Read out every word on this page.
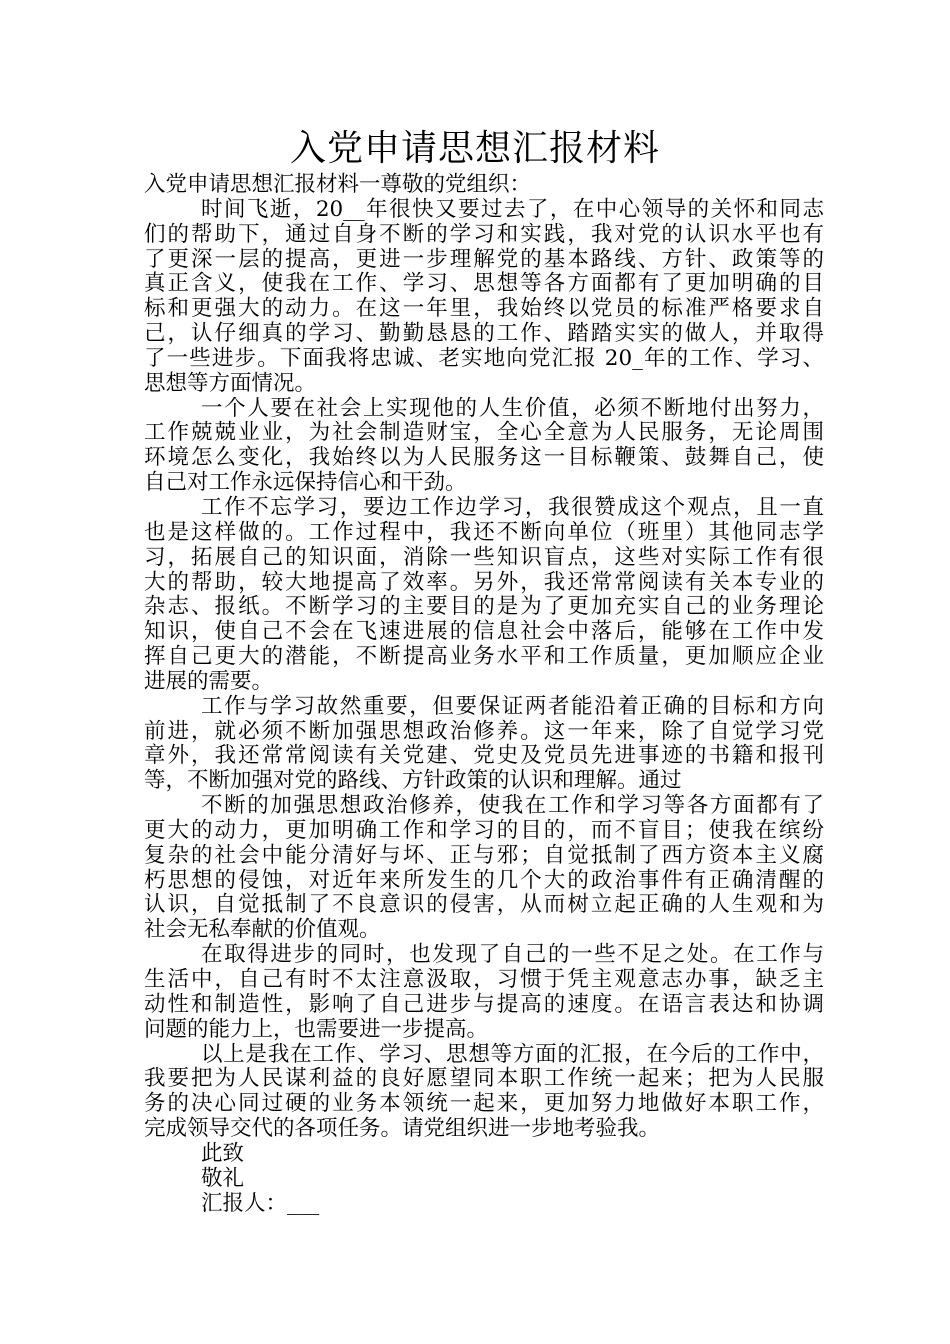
入党申请思想汇报材料
入党申请思想汇报材料一尊敬的党组织：
时间飞逝，20__年很快又要过去了，在中心领导的关怀和同志
们的帮助下，通过自身不断的学习和实践，我对党的认识水平也有
了更深一层的提高，更进一步理解党的基本路线、方针、政策等的
真正含义，使我在工作、学习、思想等各方面都有了更加明确的目
标和更强大的动力。在这一年里，我始终以党员的标准严格要求自
己，认仔细真的学习、勤勤恳恳的工作、踏踏实实的做人，并取得
了一些进步。下面我将忠诚、老实地向党汇报 20_年的工作、学习、
思想等方面情况。
一个人要在社会上实现他的人生价值，必须不断地付出努力，
工作兢兢业业，为社会制造财宝，全心全意为人民服务，无论周围
环境怎么变化，我始终以为人民服务这一目标鞭策、鼓舞自己，使
自己对工作永远保持信心和干劲。
工作不忘学习，要边工作边学习，我很赞成这个观点，且一直
也是这样做的。工作过程中，我还不断向单位（班里）其他同志学
习，拓展自己的知识面，消除一些知识盲点，这些对实际工作有很
大的帮助，较大地提高了效率。另外，我还常常阅读有关本专业的
杂志、报纸。不断学习的主要目的是为了更加充实自己的业务理论
知识，使自己不会在飞速进展的信息社会中落后，能够在工作中发
挥自己更大的潜能，不断提高业务水平和工作质量，更加顺应企业
进展的需要。
工作与学习故然重要，但要保证两者能沿着正确的目标和方向
前进，就必须不断加强思想政治修养。这一年来，除了自觉学习党
章外，我还常常阅读有关党建、党史及党员先进事迹的书籍和报刊
等，不断加强对党的路线、方针政策的认识和理解。通过
不断的加强思想政治修养，使我在工作和学习等各方面都有了
更大的动力，更加明确工作和学习的目的，而不盲目；使我在缤纷
复杂的社会中能分清好与坏、正与邪；自觉抵制了西方资本主义腐
朽思想的侵蚀，对近年来所发生的几个大的政治事件有正确清醒的
认识，自觉抵制了不良意识的侵害，从而树立起正确的人生观和为
社会无私奉献的价值观。
在取得进步的同时，也发现了自己的一些不足之处。在工作与
生活中，自己有时不太注意汲取，习惯于凭主观意志办事，缺乏主
动性和制造性，影响了自己进步与提高的速度。在语言表达和协调
问题的能力上，也需要进一步提高。
以上是我在工作、学习、思想等方面的汇报，在今后的工作中，
我要把为人民谋利益的良好愿望同本职工作统一起来；把为人民服
务的决心同过硬的业务本领统一起来，更加努力地做好本职工作，
完成领导交代的各项任务。请党组织进一步地考验我。
此致
敬礼
汇报人：___
